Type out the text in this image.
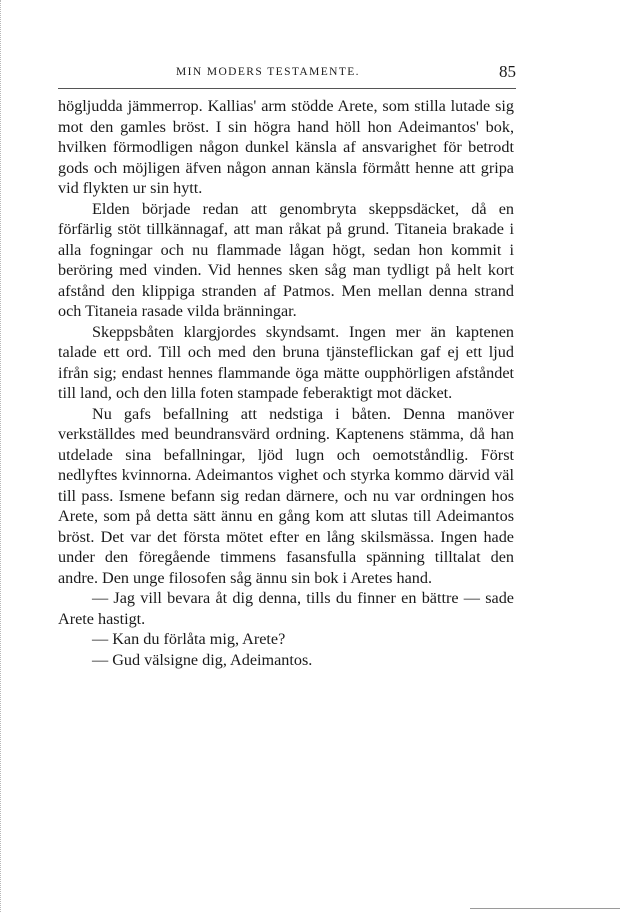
MIN MODERS TESTAMENTE.	85

högljudda jämmerrop. Kallias' arm stödde Arete, som stilla lutade sig mot den gamles bröst. I sin högra hand höll hon Adeimantos' bok, hvilken förmodligen någon dunkel känsla af ansvarighet för betrodt gods och möjligen äfven någon annan känsla förmått henne att gripa vid flykten ur sin hytt.

Elden började redan att genombryta skeppsdäcket, då en förfärlig stöt tillkännagaf, att man råkat på grund. Titaneia brakade i alla fogningar och nu flammade lågan högt, sedan hon kommit i beröring med vinden. Vid hennes sken såg man tydligt på helt kort afstånd den klippiga stranden af Patmos. Men mellan denna strand och Titaneia rasade vilda bränningar.

Skeppsbåten klargjordes skyndsamt. Ingen mer än kaptenen talade ett ord. Till och med den bruna tjänsteflickan gaf ej ett ljud ifrån sig; endast hennes flammande öga mätte oupphörligen afståndet till land, och den lilla foten stampade feberaktigt mot däcket.

Nu gafs befallning att nedstiga i båten. Denna manöver verkställdes med beundransvärd ordning. Kaptenens stämma, då han utdelade sina befallningar, ljöd lugn och oemotståndlig. Först nedlyftes kvinnorna. Adeimantos vighet och styrka kommo därvid väl till pass. Ismene befann sig redan därnere, och nu var ordningen hos Arete, som på detta sätt ännu en gång kom att slutas till Adeimantos bröst. Det var det första mötet efter en lång skilsmässa. Ingen hade under den föregående timmens fasansfulla spänning tilltalat den andre. Den unge filosofen såg ännu sin bok i Aretes hand.

— Jag vill bevara åt dig denna, tills du finner en bättre — sade Arete hastigt.

— Kan du förlåta mig, Arete?

— Gud välsigne dig, Adeimantos.
